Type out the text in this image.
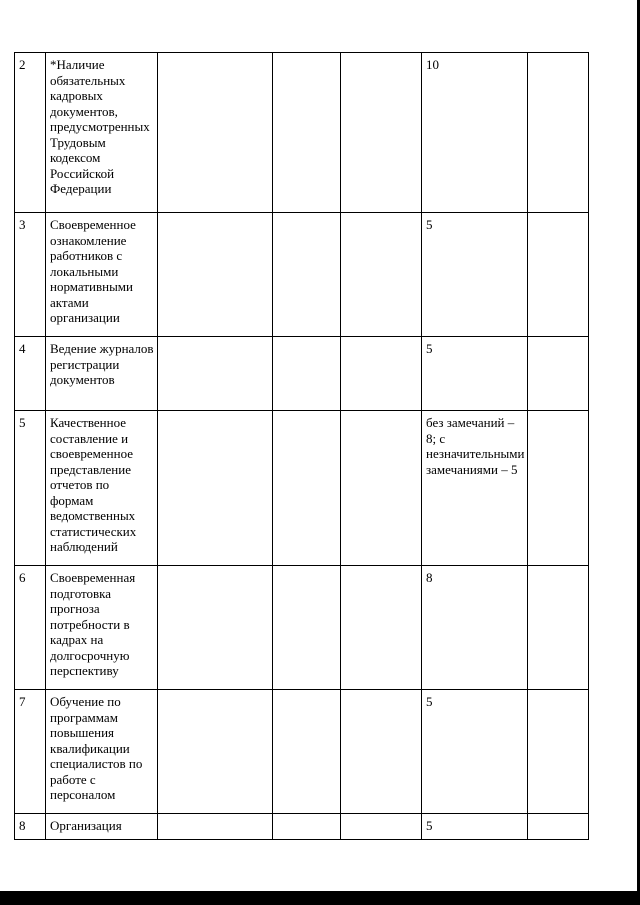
2	*Наличие обязательных кадровых документов, предусмотренных Трудовым кодексом Российской Федерации				10	
3	Своевременное ознакомление работников с локальными нормативными актами организации				5	
4	Ведение журналов регистрации документов				5	
5	Качественное составление и своевременное представление отчетов по формам ведомственных статистических наблюдений				без замечаний – 8; с незначительными замечаниями – 5	
6	Своевременная подготовка прогноза потребности в кадрах на долгосрочную перспективу				8	
7	Обучение по программам повышения квалификации специалистов по работе с персоналом				5	
8	Организация				5	
